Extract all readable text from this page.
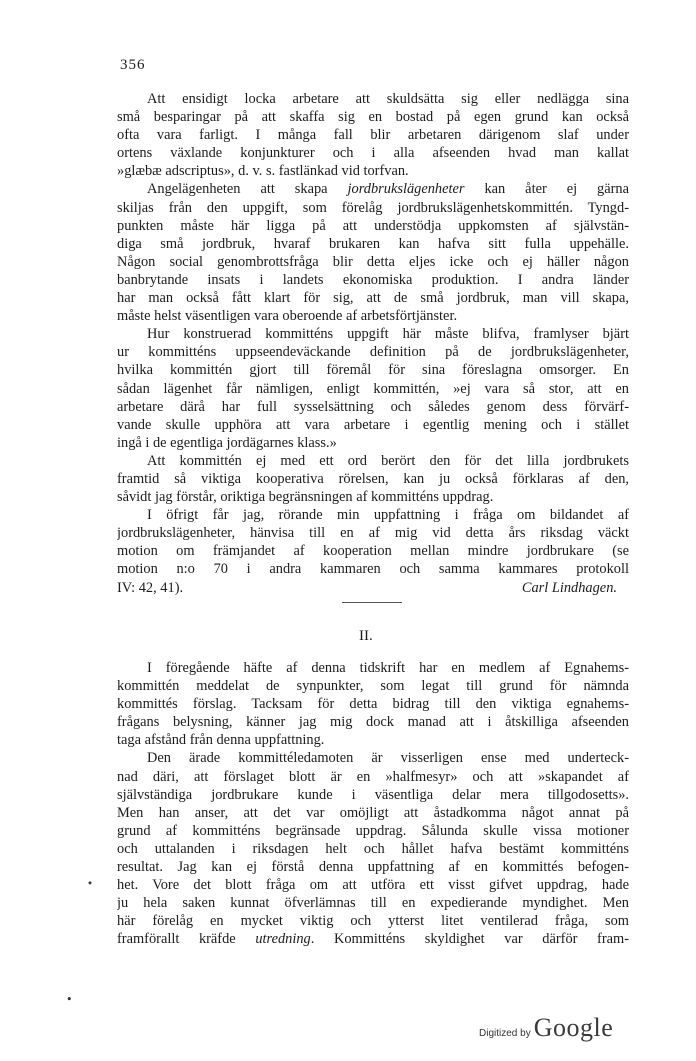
356
Att ensidigt locka arbetare att skuldsätta sig eller nedlägga sina
små besparingar på att skaffa sig en bostad på egen grund kan också
ofta vara farligt. I många fall blir arbetaren därigenom slaf under
ortens växlande konjunkturer och i alla afseenden hvad man kallat
»glæbæ adscriptus», d. v. s. fastlänkad vid torfvan.
Angelägenheten att skapa jordbrukslägenheter kan åter ej gärna
skiljas från den uppgift, som förelåg jordbrukslägenhetskommittén. Tyngd-
punkten måste här ligga på att understödja uppkomsten af självstän-
diga små jordbruk, hvaraf brukaren kan hafva sitt fulla uppehälle.
Någon social genombrottsfråga blir detta eljes icke och ej häller någon
banbrytande insats i landets ekonomiska produktion. I andra länder
har man också fått klart för sig, att de små jordbruk, man vill skapa,
måste helst väsentligen vara oberoende af arbetsförtjänster.
Hur konstruerad kommitténs uppgift här måste blifva, framlyser bjärt
ur kommitténs uppseendeväckande definition på de jordbrukslägenheter,
hvilka kommittén gjort till föremål för sina föreslagna omsorger. En
sådan lägenhet får nämligen, enligt kommittén, »ej vara så stor, att en
arbetare därå har full sysselsättning och således genom dess förvärf-
vande skulle upphöra att vara arbetare i egentlig mening och i stället
ingå i de egentliga jordägarnes klass.»
Att kommittén ej med ett ord berört den för det lilla jordbrukets
framtid så viktiga kooperativa rörelsen, kan ju också förklaras af den,
såvidt jag förstår, oriktiga begränsningen af kommitténs uppdrag.
I öfrigt får jag, rörande min uppfattning i fråga om bildandet af
jordbrukslägenheter, hänvisa till en af mig vid detta års riksdag väckt
motion om främjandet af kooperation mellan mindre jordbrukare (se
motion n:o 70 i andra kammaren och samma kammares protokoll
IV: 42, 41).	Carl Lindhagen.
II.
I föregående häfte af denna tidskrift har en medlem af Egnahems-
kommittén meddelat de synpunkter, som legat till grund för nämnda
kommittés förslag. Tacksam för detta bidrag till den viktiga egnahems-
frågans belysning, känner jag mig dock manad att i åtskilliga afseenden
taga afstånd från denna uppfattning.
Den ärade kommittéledamoten är visserligen ense med underteck-
nad däri, att förslaget blott är en »halfmesyr» och att »skapandet af
självständiga jordbrukare kunde i väsentliga delar mera tillgodosetts».
Men han anser, att det var omöjligt att åstadkomma något annat på
grund af kommitténs begränsade uppdrag. Sålunda skulle vissa motioner
och uttalanden i riksdagen helt och hållet hafva bestämt kommitténs
resultat. Jag kan ej förstå denna uppfattning af en kommittés befogen-
het. Vore det blott fråga om att utföra ett visst gifvet uppdrag, hade
ju hela saken kunnat öfverlämnas till en expedierande myndighet. Men
här förelåg en mycket viktig och ytterst litet ventilerad fråga, som
framförallt kräfde utredning. Kommitténs skyldighet var därför fram-
⬩
•
Digitized by Google
